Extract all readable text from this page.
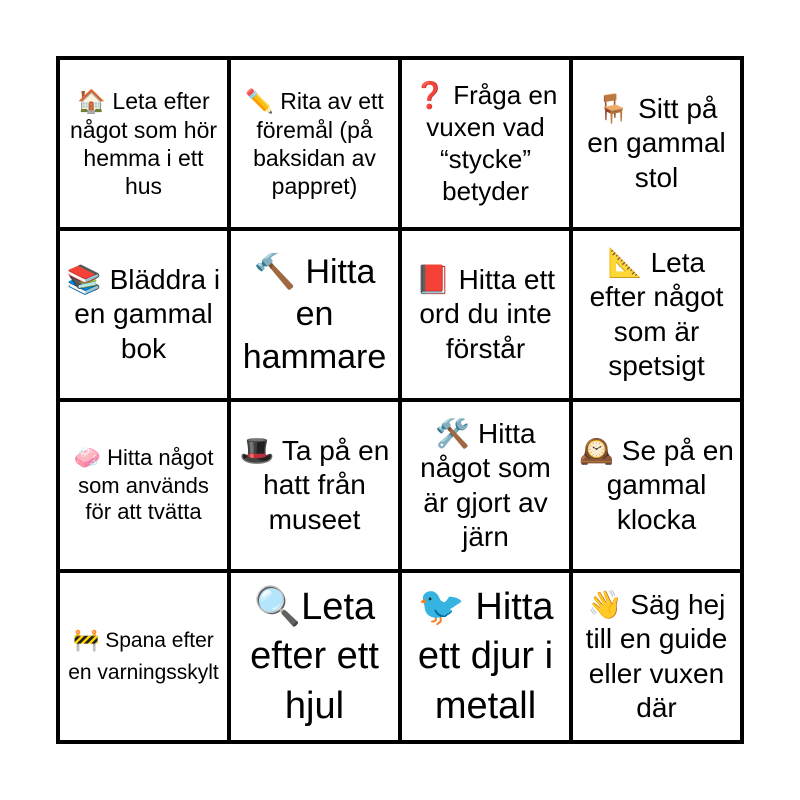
🏠 Leta efter något som hör hemma i ett hus
✏️ Rita av ett föremål (på baksidan av pappret)
❓ Fråga en vuxen vad “stycke” betyder
🪑 Sitt på en gammal stol
📚 Bläddra i en gammal bok
🔨 Hitta en hammare
📕 Hitta ett ord du inte förstår
📐 Leta efter något som är spetsigt
🧼 Hitta något som används för att tvätta
🎩 Ta på en hatt från museet
🛠️ Hitta något som är gjort av järn
🕰️ Se på en gammal klocka
🚧 Spana efter en varningsskylt
🔍Leta efter ett hjul
🐦 Hitta ett djur i metall
👋 Säg hej till en guide eller vuxen där
